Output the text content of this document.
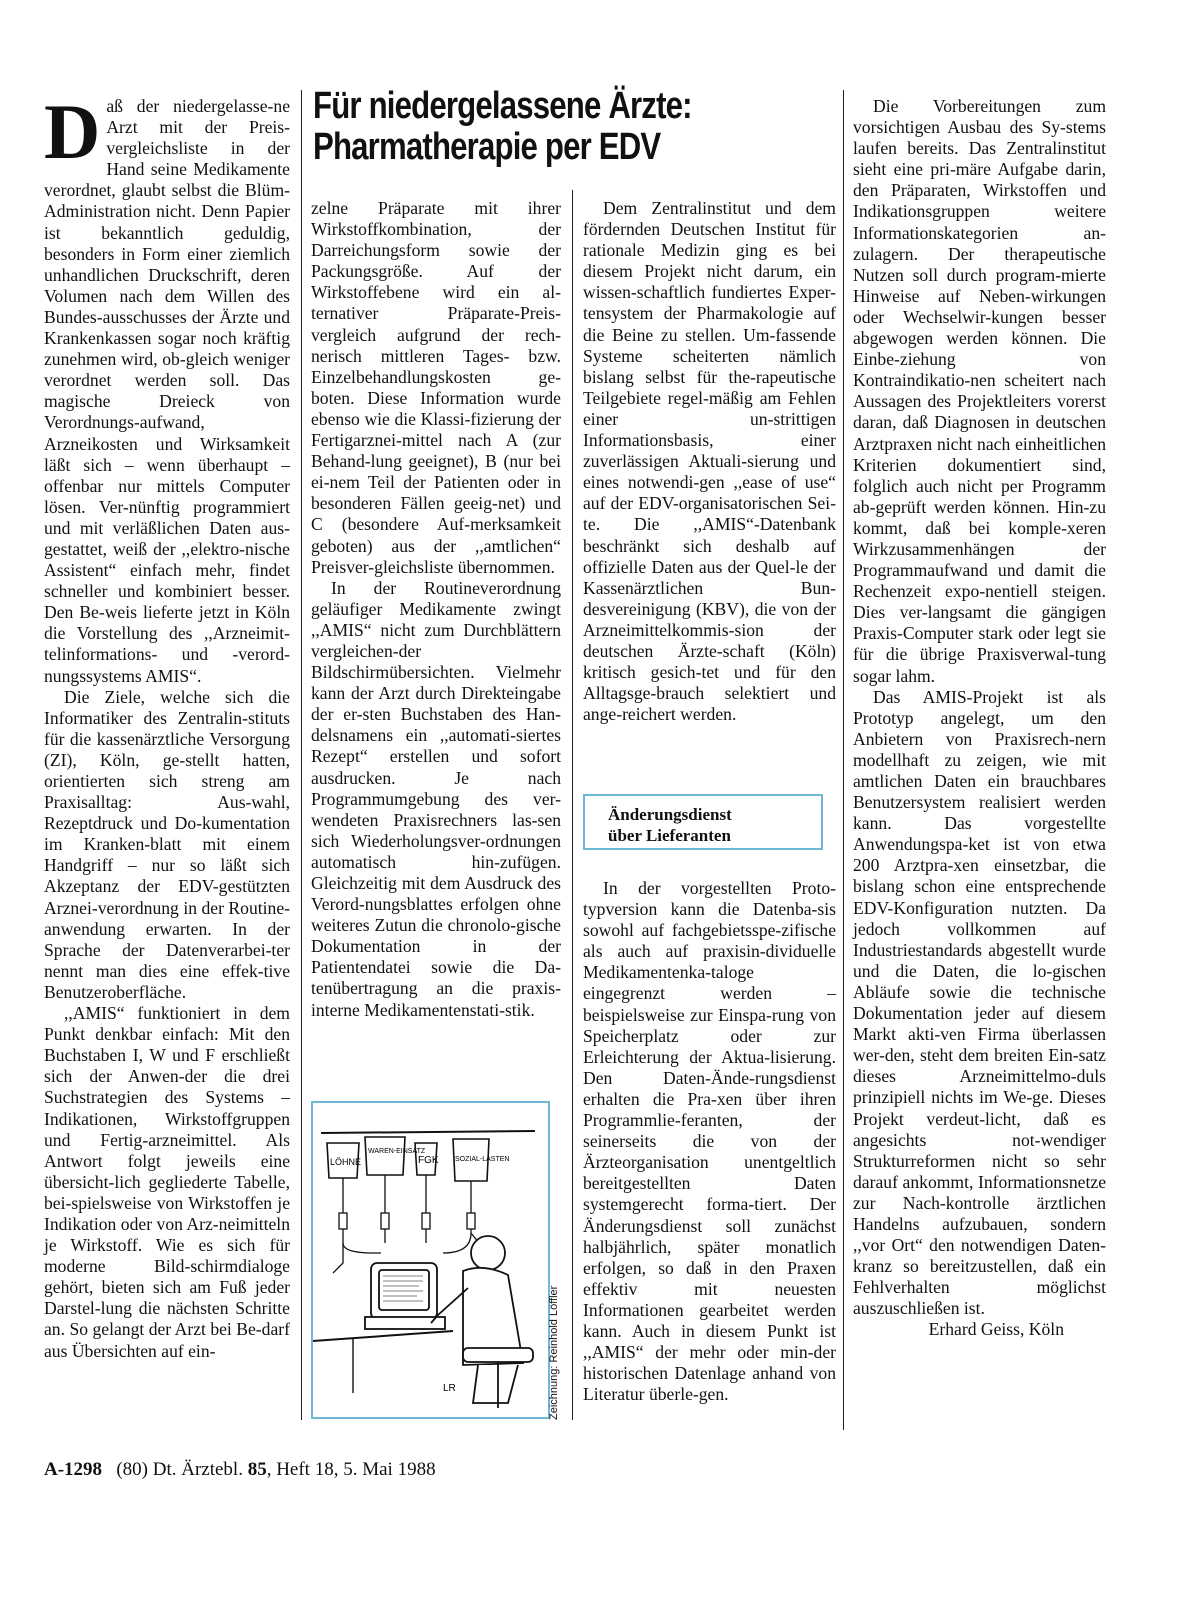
Für niedergelassene Ärzte:
Pharmatherapie per EDV
D aß der niedergelasse-ne Arzt mit der Preis-vergleichsliste in der Hand seine Medikamente verordnet, glaubt selbst die Blüm-Administration nicht. Denn Papier ist bekanntlich geduldig, besonders in Form einer ziemlich unhandlichen Druckschrift, deren Volumen nach dem Willen des Bundes-ausschusses der Ärzte und Krankenkassen sogar noch kräftig zunehmen wird, ob-gleich weniger verordnet werden soll. Das magische Dreieck von Verordnungs-aufwand, Arzneikosten und Wirksamkeit läßt sich – wenn überhaupt – offenbar nur mittels Computer lösen. Ver-nünftig programmiert und mit verläßlichen Daten aus-gestattet, weiß der ,,elektro-nische Assistent“ einfach mehr, findet schneller und kombiniert besser. Den Be-weis lieferte jetzt in Köln die Vorstellung des ,,Arzneimit-telinformations- und -verord-nungssystems AMIS“.

Die Ziele, welche sich die Informatiker des Zentralin-stituts für die kassenärztliche Versorgung (ZI), Köln, ge-stellt hatten, orientierten sich streng am Praxisalltag: Aus-wahl, Rezeptdruck und Do-kumentation im Kranken-blatt mit einem Handgriff – nur so läßt sich Akzeptanz der EDV-gestützten Arznei-verordnung in der Routine-anwendung erwarten. In der Sprache der Datenverarbei-ter nennt man dies eine effek-tive Benutzeroberfläche.

,,AMIS“ funktioniert in dem Punkt denkbar einfach: Mit den Buchstaben I, W und F erschließt sich der Anwen-der die drei Suchstrategien des Systems – Indikationen, Wirkstoffgruppen und Fertig-arzneimittel. Als Antwort folgt jeweils eine übersicht-lich gegliederte Tabelle, bei-spielsweise von Wirkstoffen je Indikation oder von Arz-neimitteln je Wirkstoff. Wie es sich für moderne Bild-schirmdialoge gehört, bieten sich am Fuß jeder Darstel-lung die nächsten Schritte an. So gelangt der Arzt bei Be-darf aus Übersichten auf ein-

zelne Präparate mit ihrer Wirkstoffkombination, der Darreichungsform sowie der Packungsgröße. Auf der Wirkstoffebene wird ein al-ternativer Präparate-Preis-vergleich aufgrund der rech-nerisch mittleren Tages- bzw. Einzelbehandlungskosten ge-boten. Diese Information wurde ebenso wie die Klassi-fizierung der Fertigarznei-mittel nach A (zur Behand-lung geeignet), B (nur bei ei-nem Teil der Patienten oder in besonderen Fällen geeig-net) und C (besondere Auf-merksamkeit geboten) aus der ,,amtlichen“ Preisver-gleichsliste übernommen.

In der Routineverordnung geläufiger Medikamente zwingt ,,AMIS“ nicht zum Durchblättern vergleichen-der Bildschirmübersichten. Vielmehr kann der Arzt durch Direkteingabe der er-sten Buchstaben des Han-delsnamens ein ,,automati-siertes Rezept“ erstellen und sofort ausdrucken. Je nach Programmumgebung des ver-wendeten Praxisrechners las-sen sich Wiederholungsver-ordnungen automatisch hin-zufügen. Gleichzeitig mit dem Ausdruck des Verord-nungsblattes erfolgen ohne weiteres Zutun die chronolo-gische Dokumentation in der Patientendatei sowie die Da-tenübertragung an die praxis-interne Medikamentenstati-stik.

Dem Zentralinstitut und dem fördernden Deutschen Institut für rationale Medizin ging es bei diesem Projekt nicht darum, ein wissen-schaftlich fundiertes Exper-tensystem der Pharmakologie auf die Beine zu stellen. Um-fassende Systeme scheiterten nämlich bislang selbst für the-rapeutische Teilgebiete regel-mäßig am Fehlen einer un-strittigen Informationsbasis, einer zuverlässigen Aktuali-sierung und eines notwendi-gen ,,ease of use“ auf der EDV-organisatorischen Sei-te. Die ,,AMIS“-Datenbank beschränkt sich deshalb auf offizielle Daten aus der Quel-le der Kassenärztlichen Bun-desvereinigung (KBV), die von der Arzneimittelkommis-sion der deutschen Ärzte-schaft (Köln) kritisch gesich-tet und für den Alltagsge-brauch selektiert und ange-reichert werden.

Änderungsdienst
über Lieferanten

In der vorgestellten Proto-typversion kann die Datenba-sis sowohl auf fachgebietsspe-zifische als auch auf praxisin-dividuelle Medikamentenka-taloge eingegrenzt werden – beispielsweise zur Einspa-rung von Speicherplatz oder zur Erleichterung der Aktua-lisierung. Den Daten-Ände-rungsdienst erhalten die Pra-xen über ihren Programmlie-feranten, der seinerseits die von der Ärzteorganisation unentgeltlich bereitgestellten Daten systemgerecht forma-tiert. Der Änderungsdienst soll zunächst halbjährlich, später monatlich erfolgen, so daß in den Praxen effektiv mit neuesten Informationen gearbeitet werden kann. Auch in diesem Punkt ist ,,AMIS“ der mehr oder min-der historischen Datenlage anhand von Literatur überle-gen.

Die Vorbereitungen zum vorsichtigen Ausbau des Sy-stems laufen bereits. Das Zentralinstitut sieht eine pri-märe Aufgabe darin, den Präparaten, Wirkstoffen und Indikationsgruppen weitere Informationskategorien an-zulagern. Der therapeutische Nutzen soll durch program-mierte Hinweise auf Neben-wirkungen oder Wechselwir-kungen besser abgewogen werden können. Die Einbe-ziehung von Kontraindikatio-nen scheitert nach Aussagen des Projektleiters vorerst daran, daß Diagnosen in deutschen Arztpraxen nicht nach einheitlichen Kriterien dokumentiert sind, folglich auch nicht per Programm ab-geprüft werden können. Hin-zu kommt, daß bei komple-xeren Wirkzusammenhängen der Programmaufwand und damit die Rechenzeit expo-nentiell steigen. Dies ver-langsamt die gängigen Praxis-Computer stark oder legt sie für die übrige Praxisverwal-tung sogar lahm.

Das AMIS-Projekt ist als Prototyp angelegt, um den Anbietern von Praxisrech-nern modellhaft zu zeigen, wie mit amtlichen Daten ein brauchbares Benutzersystem realisiert werden kann. Das vorgestellte Anwendungspa-ket ist von etwa 200 Arztpra-xen einsetzbar, die bislang schon eine entsprechende EDV-Konfiguration nutzten. Da jedoch vollkommen auf Industriestandards abgestellt wurde und die Daten, die lo-gischen Abläufe sowie die technische Dokumentation jeder auf diesem Markt akti-ven Firma überlassen wer-den, steht dem breiten Ein-satz dieses Arzneimittelmo-duls prinzipiell nichts im We-ge. Dieses Projekt verdeut-licht, daß es angesichts not-wendiger Strukturreformen nicht so sehr darauf ankommt, Informationsnetze zur Nach-kontrolle ärztlichen Handelns aufzubauen, sondern ,,vor Ort“ den notwendigen Daten-kranz so bereitzustellen, daß ein Fehlverhalten möglichst auszuschließen ist.

Erhard Geiss, Köln

LÖHNE
WAREN-EINSATZ
FGK SOZIAL-LASTEN
LR	Zeichnung: Reinhold Löffler
A-1298 (80) Dt. Ärztebl. 85, Heft 18, 5. Mai 1988
